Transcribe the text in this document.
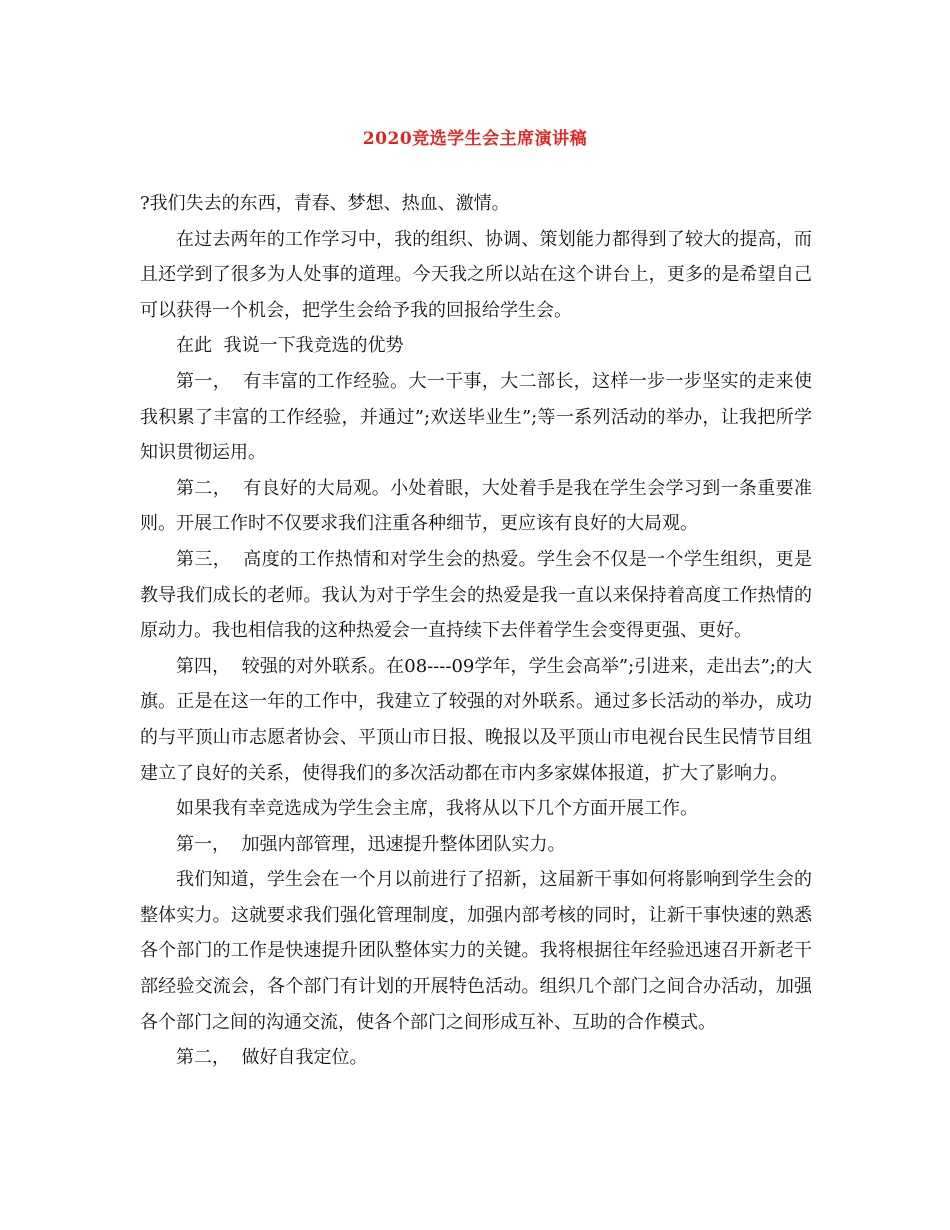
2020竞选学生会主席演讲稿

?我们失去的东西，青春、梦想、热血、激情。

在过去两年的工作学习中，我的组织、协调、策划能力都得到了较大的提高，而且还学到了很多为人处事的道理。今天我之所以站在这个讲台上，更多的是希望自己可以获得一个机会，把学生会给予我的回报给学生会。

在此  我说一下我竞选的优势

第一，  有丰富的工作经验。大一干事，大二部长，这样一步一步坚实的走来使我积累了丰富的工作经验，并通过”;欢送毕业生”;等一系列活动的举办，让我把所学知识贯彻运用。

第二，  有良好的大局观。小处着眼，大处着手是我在学生会学习到一条重要准则。开展工作时不仅要求我们注重各种细节，更应该有良好的大局观。

第三，  高度的工作热情和对学生会的热爱。学生会不仅是一个学生组织，更是教导我们成长的老师。我认为对于学生会的热爱是我一直以来保持着高度工作热情的原动力。我也相信我的这种热爱会一直持续下去伴着学生会变得更强、更好。

第四，  较强的对外联系。在08----09学年，学生会高举”;引进来，走出去”;的大旗。正是在这一年的工作中，我建立了较强的对外联系。通过多长活动的举办，成功的与平顶山市志愿者协会、平顶山市日报、晚报以及平顶山市电视台民生民情节目组建立了良好的关系，使得我们的多次活动都在市内多家媒体报道，扩大了影响力。

如果我有幸竞选成为学生会主席，我将从以下几个方面开展工作。

第一，  加强内部管理，迅速提升整体团队实力。

我们知道，学生会在一个月以前进行了招新，这届新干事如何将影响到学生会的整体实力。这就要求我们强化管理制度，加强内部考核的同时，让新干事快速的熟悉各个部门的工作是快速提升团队整体实力的关键。我将根据往年经验迅速召开新老干部经验交流会，各个部门有计划的开展特色活动。组织几个部门之间合办活动，加强各个部门之间的沟通交流，使各个部门之间形成互补、互助的合作模式。

第二，  做好自我定位。
